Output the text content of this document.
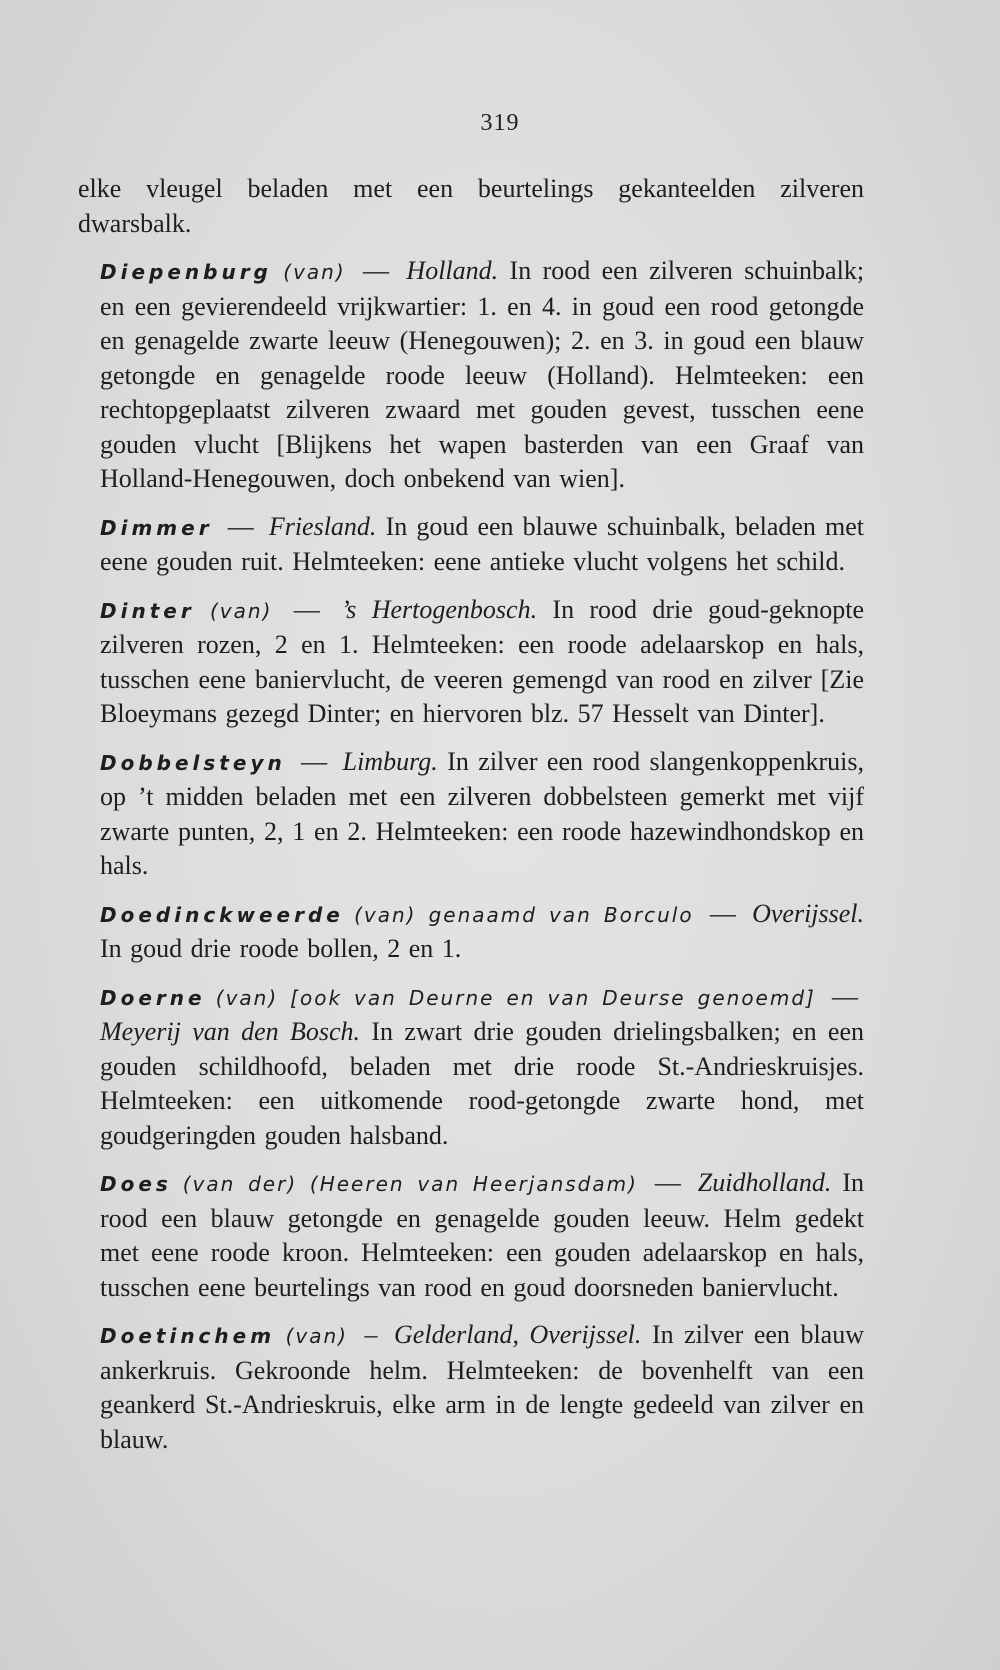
319

elke vleugel beladen met een beurtelings gekanteelden zilveren dwarsbalk.

Diepenburg (van) — Holland. In rood een zilveren schuinbalk; en een gevierendeeld vrijkwartier: 1. en 4. in goud een rood getongde en genagelde zwarte leeuw (Henegouwen); 2. en 3. in goud een blauw getongde en genagelde roode leeuw (Holland). Helmteeken: een rechtopgeplaatst zilveren zwaard met gouden gevest, tusschen eene gouden vlucht [Blijkens het wapen basterden van een Graaf van Holland-Henegouwen, doch onbekend van wien].

Dimmer — Friesland. In goud een blauwe schuinbalk, beladen met eene gouden ruit. Helmteeken: eene antieke vlucht volgens het schild.

Dinter (van) — ’s Hertogenbosch. In rood drie goud-geknopte zilveren rozen, 2 en 1. Helmteeken: een roode adelaarskop en hals, tusschen eene baniervlucht, de veeren gemengd van rood en zilver [Zie Bloeymans gezegd Dinter; en hiervoren blz. 57 Hesselt van Dinter].

Dobbelsteyn — Limburg. In zilver een rood slangenkoppenkruis, op ’t midden beladen met een zilveren dobbelsteen gemerkt met vijf zwarte punten, 2, 1 en 2. Helmteeken: een roode hazewindhondskop en hals.

Doedinckweerde (van) genaamd van Borculo — Overijssel. In goud drie roode bollen, 2 en 1.

Doerne (van) [ook van Deurne en van Deurse genoemd] — Meyerij van den Bosch. In zwart drie gouden drielingsbalken; en een gouden schildhoofd, beladen met drie roode St.-Andrieskruisjes. Helmteeken: een uitkomende rood-getongde zwarte hond, met goudgeringden gouden halsband.

Does (van der) (Heeren van Heerjansdam) — Zuidholland. In rood een blauw getongde en genagelde gouden leeuw. Helm gedekt met eene roode kroon. Helmteeken: een gouden adelaarskop en hals, tusschen eene beurtelings van rood en goud doorsneden baniervlucht.

Doetinchem (van) – Gelderland, Overijssel. In zilver een blauw ankerkruis. Gekroonde helm. Helmteeken: de bovenhelft van een geankerd St.-Andrieskruis, elke arm in de lengte gedeeld van zilver en blauw.
